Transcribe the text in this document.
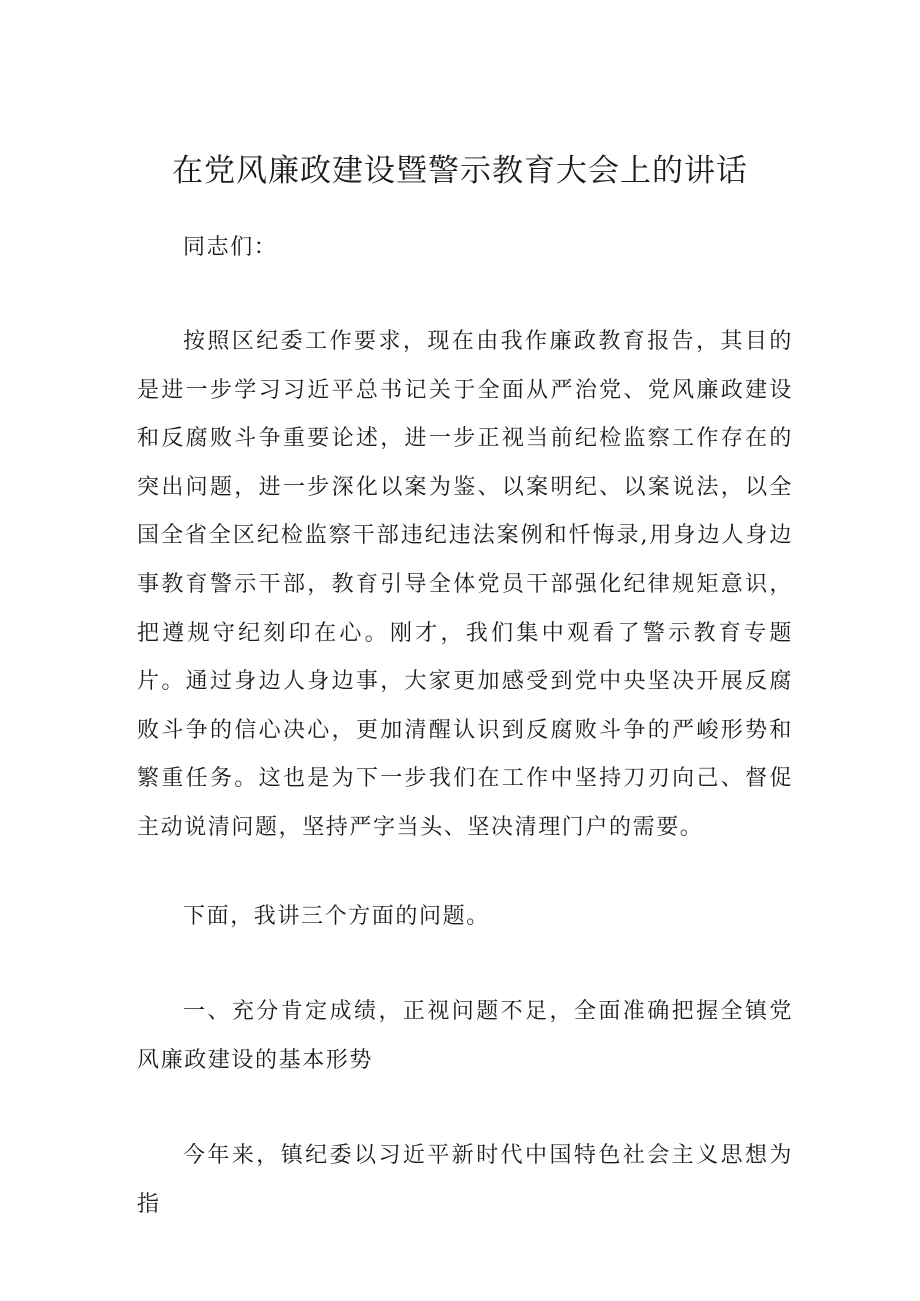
在党风廉政建设暨警示教育大会上的讲话

同志们：

按照区纪委工作要求，现在由我作廉政教育报告，其目的是进一步学习习近平总书记关于全面从严治党、党风廉政建设和反腐败斗争重要论述，进一步正视当前纪检监察工作存在的突出问题，进一步深化以案为鉴、以案明纪、以案说法，以全国全省全区纪检监察干部违纪违法案例和忏悔录,用身边人身边事教育警示干部，教育引导全体党员干部强化纪律规矩意识，把遵规守纪刻印在心。刚才，我们集中观看了警示教育专题片。通过身边人身边事，大家更加感受到党中央坚决开展反腐败斗争的信心决心，更加清醒认识到反腐败斗争的严峻形势和繁重任务。这也是为下一步我们在工作中坚持刀刃向己、督促主动说清问题，坚持严字当头、坚决清理门户的需要。

下面，我讲三个方面的问题。

一、充分肯定成绩，正视问题不足，全面准确把握全镇党风廉政建设的基本形势

今年来，镇纪委以习近平新时代中国特色社会主义思想为指
